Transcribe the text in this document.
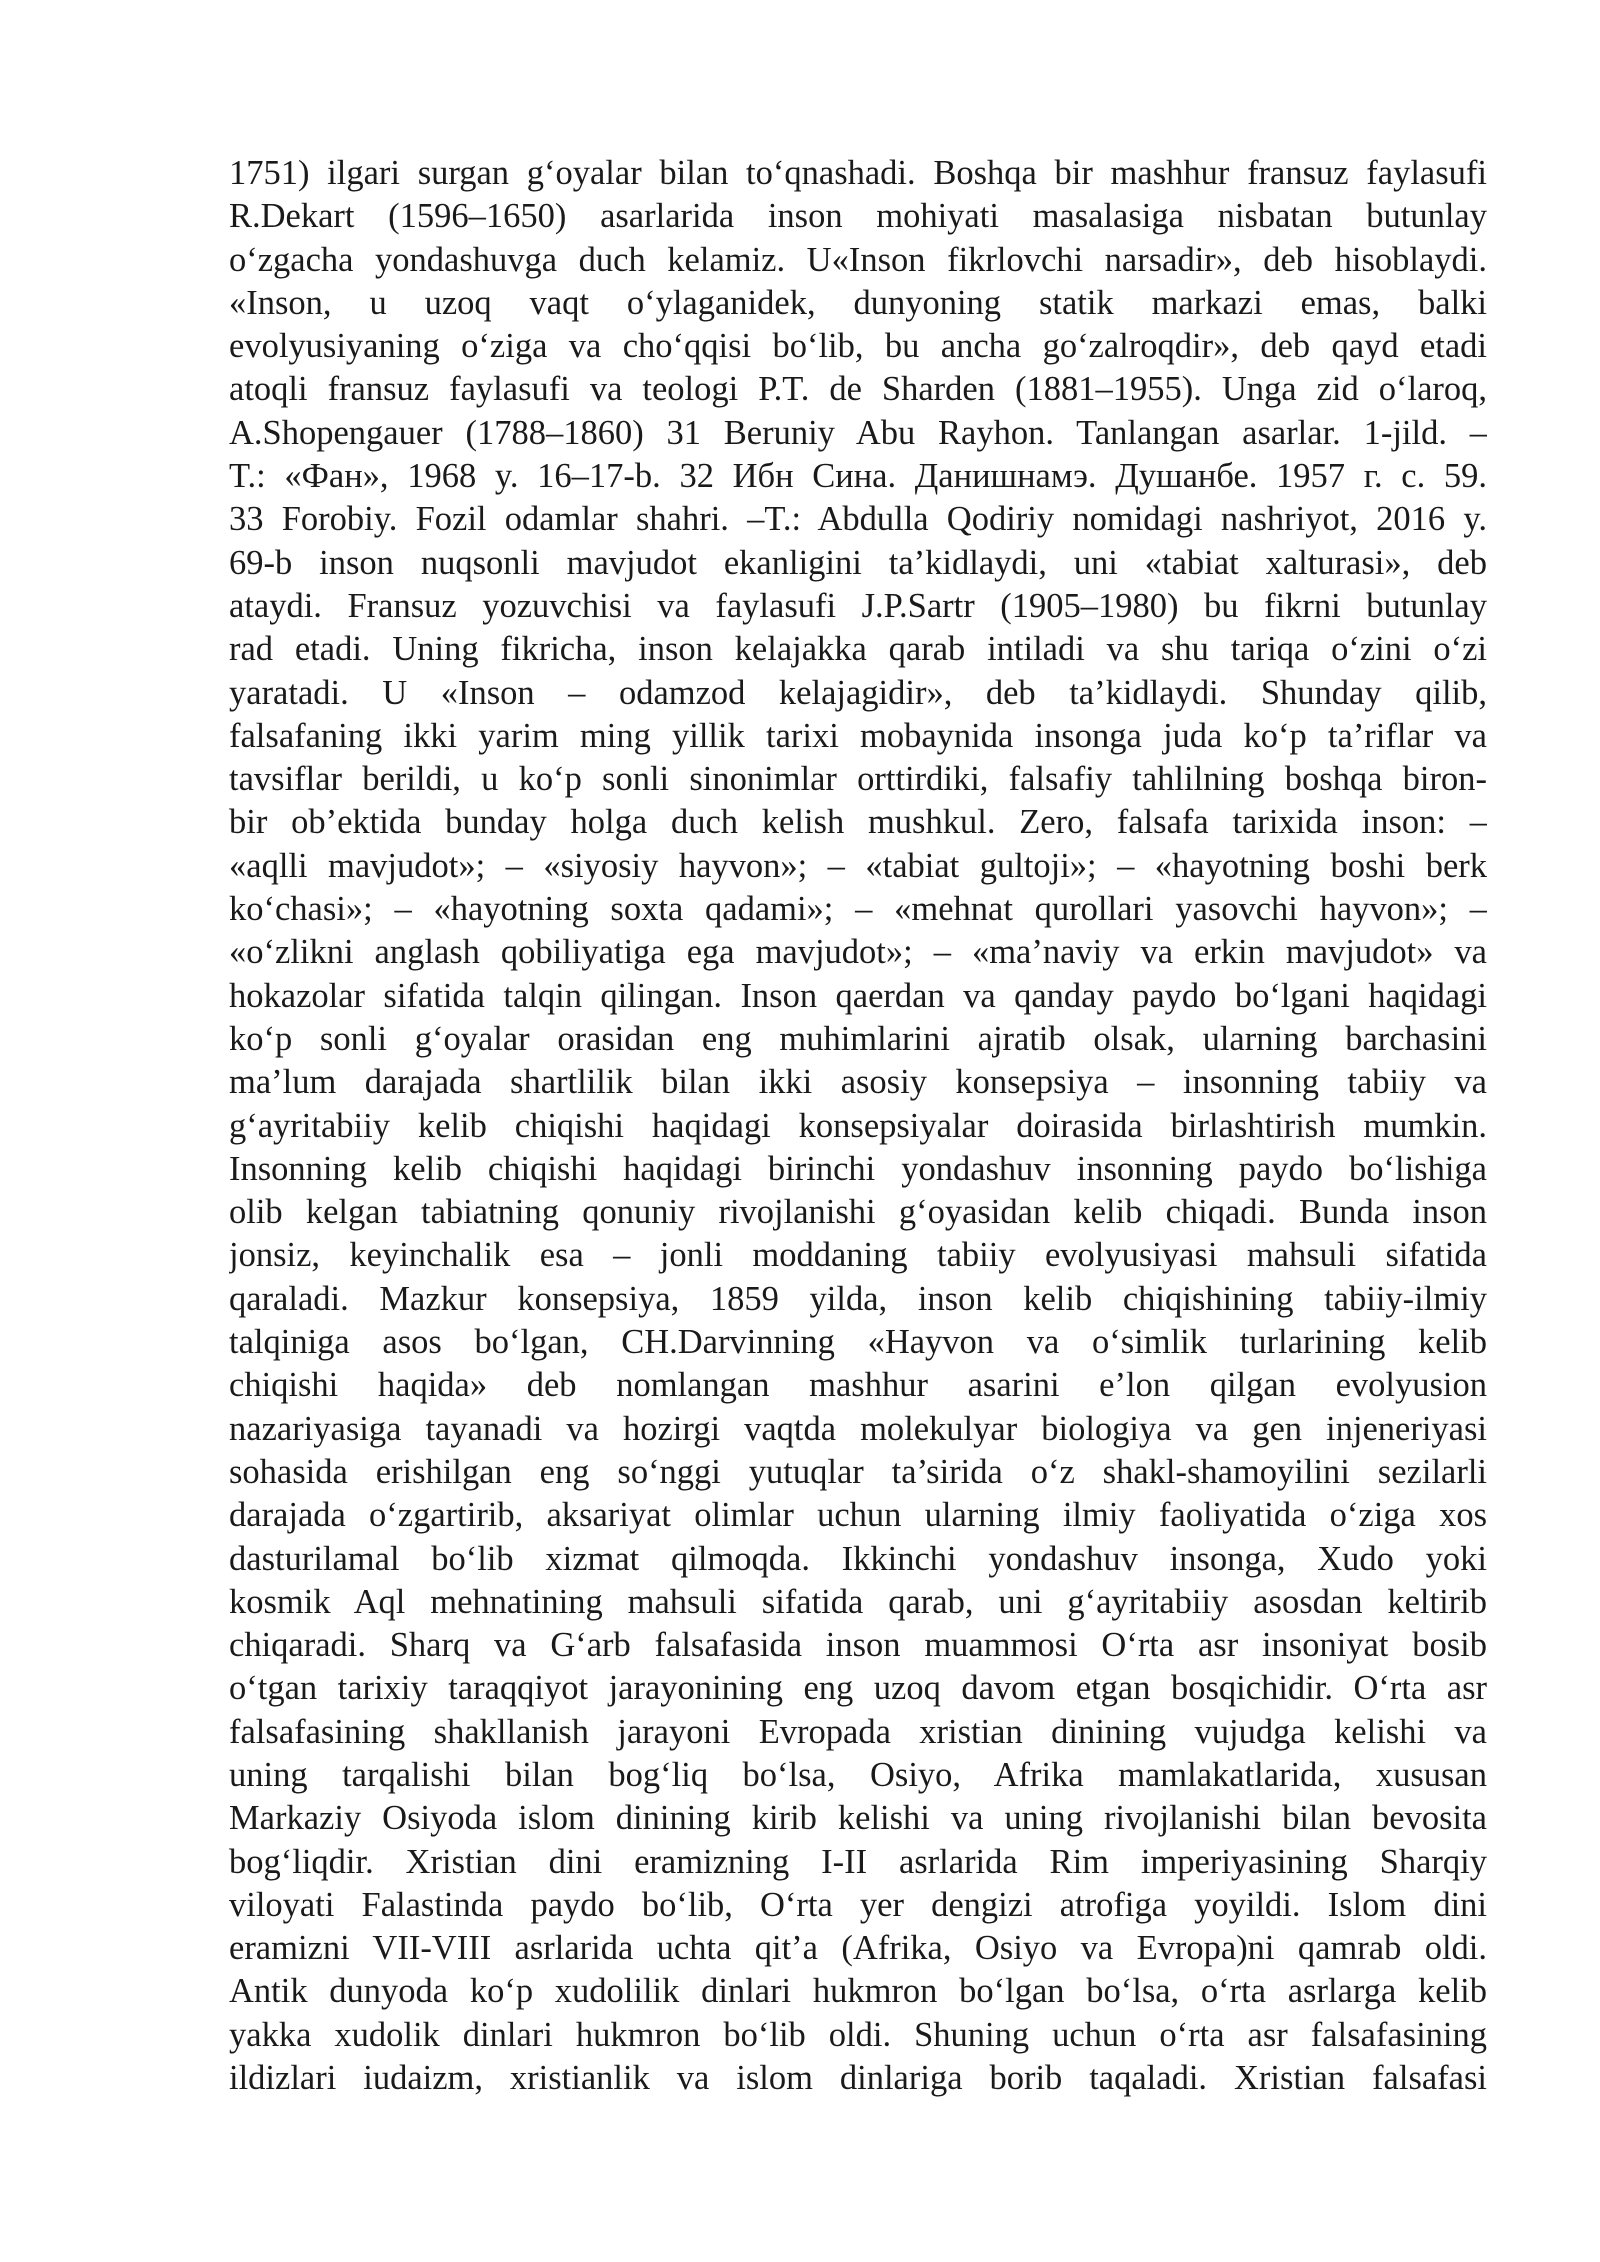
1751) ilgari surgan g‘oyalar bilan to‘qnashadi. Boshqa bir mashhur fransuz faylasufi
R.Dekart (1596–1650) asarlarida inson mohiyati masalasiga nisbatan butunlay
o‘zgacha yondashuvga duch kelamiz. U«Inson fikrlovchi narsadir», deb hisoblaydi.
«Inson, u uzoq vaqt o‘ylaganidek, dunyoning statik markazi emas, balki
evolyusiyaning o‘ziga va cho‘qqisi bo‘lib, bu ancha go‘zalroqdir», deb qayd etadi
atoqli fransuz faylasufi va teologi P.T. de Sharden (1881–1955). Unga zid o‘laroq,
A.Shopengauer (1788–1860) 31 Beruniy Abu Rayhon. Tanlangan asarlar. 1-jild. –
T.: «Фан», 1968 y. 16–17-b. 32 Ибн Сина. Данишнамэ. Душанбе. 1957 г. с. 59.
33 Forobiy. Fozil odamlar shahri. –T.: Abdulla Qodiriy nomidagi nashriyot, 2016 y.
69-b inson nuqsonli mavjudot ekanligini ta’kidlaydi, uni «tabiat xalturasi», deb
ataydi. Fransuz yozuvchisi va faylasufi J.P.Sartr (1905–1980) bu fikrni butunlay
rad etadi. Uning fikricha, inson kelajakka qarab intiladi va shu tariqa o‘zini o‘zi
yaratadi. U «Inson – odamzod kelajagidir», deb ta’kidlaydi. Shunday qilib,
falsafaning ikki yarim ming yillik tarixi mobaynida insonga juda ko‘p ta’riflar va
tavsiflar berildi, u ko‘p sonli sinonimlar orttirdiki, falsafiy tahlilning boshqa biron-
bir ob’ektida bunday holga duch kelish mushkul. Zero, falsafa tarixida inson: –
«aqlli mavjudot»; – «siyosiy hayvon»; – «tabiat gultoji»; – «hayotning boshi berk
ko‘chasi»; – «hayotning soxta qadami»; – «mehnat qurollari yasovchi hayvon»; –
«o‘zlikni anglash qobiliyatiga ega mavjudot»; – «ma’naviy va erkin mavjudot» va
hokazolar sifatida talqin qilingan. Inson qaerdan va qanday paydo bo‘lgani haqidagi
ko‘p sonli g‘oyalar orasidan eng muhimlarini ajratib olsak, ularning barchasini
ma’lum darajada shartlilik bilan ikki asosiy konsepsiya – insonning tabiiy va
g‘ayritabiiy kelib chiqishi haqidagi konsepsiyalar doirasida birlashtirish mumkin.
Insonning kelib chiqishi haqidagi birinchi yondashuv insonning paydo bo‘lishiga
olib kelgan tabiatning qonuniy rivojlanishi g‘oyasidan kelib chiqadi. Bunda inson
jonsiz, keyinchalik esa – jonli moddaning tabiiy evolyusiyasi mahsuli sifatida
qaraladi. Mazkur konsepsiya, 1859 yilda, inson kelib chiqishining tabiiy-ilmiy
talqiniga asos bo‘lgan, CH.Darvinning «Hayvon va o‘simlik turlarining kelib
chiqishi haqida» deb nomlangan mashhur asarini e’lon qilgan evolyusion
nazariyasiga tayanadi va hozirgi vaqtda molekulyar biologiya va gen injeneriyasi
sohasida erishilgan eng so‘nggi yutuqlar ta’sirida o‘z shakl-shamoyilini sezilarli
darajada o‘zgartirib, aksariyat olimlar uchun ularning ilmiy faoliyatida o‘ziga xos
dasturilamal bo‘lib xizmat qilmoqda. Ikkinchi yondashuv insonga, Xudo yoki
kosmik Aql mehnatining mahsuli sifatida qarab, uni g‘ayritabiiy asosdan keltirib
chiqaradi. Sharq va G‘arb falsafasida inson muammosi O‘rta asr insoniyat bosib
o‘tgan tarixiy taraqqiyot jarayonining eng uzoq davom etgan bosqichidir. O‘rta asr
falsafasining shakllanish jarayoni Evropada xristian dinining vujudga kelishi va
uning tarqalishi bilan bog‘liq bo‘lsa, Osiyo, Afrika mamlakatlarida, xususan
Markaziy Osiyoda islom dinining kirib kelishi va uning rivojlanishi bilan bevosita
bog‘liqdir. Xristian dini eramizning I-II asrlarida Rim imperiyasining Sharqiy
viloyati Falastinda paydo bo‘lib, O‘rta yer dengizi atrofiga yoyildi. Islom dini
eramizni VII-VIII asrlarida uchta qit’a (Afrika, Osiyo va Evropa)ni qamrab oldi.
Antik dunyoda ko‘p xudolilik dinlari hukmron bo‘lgan bo‘lsa, o‘rta asrlarga kelib
yakka xudolik dinlari hukmron bo‘lib oldi. Shuning uchun o‘rta asr falsafasining
ildizlari iudaizm, xristianlik va islom dinlariga borib taqaladi. Xristian falsafasi
